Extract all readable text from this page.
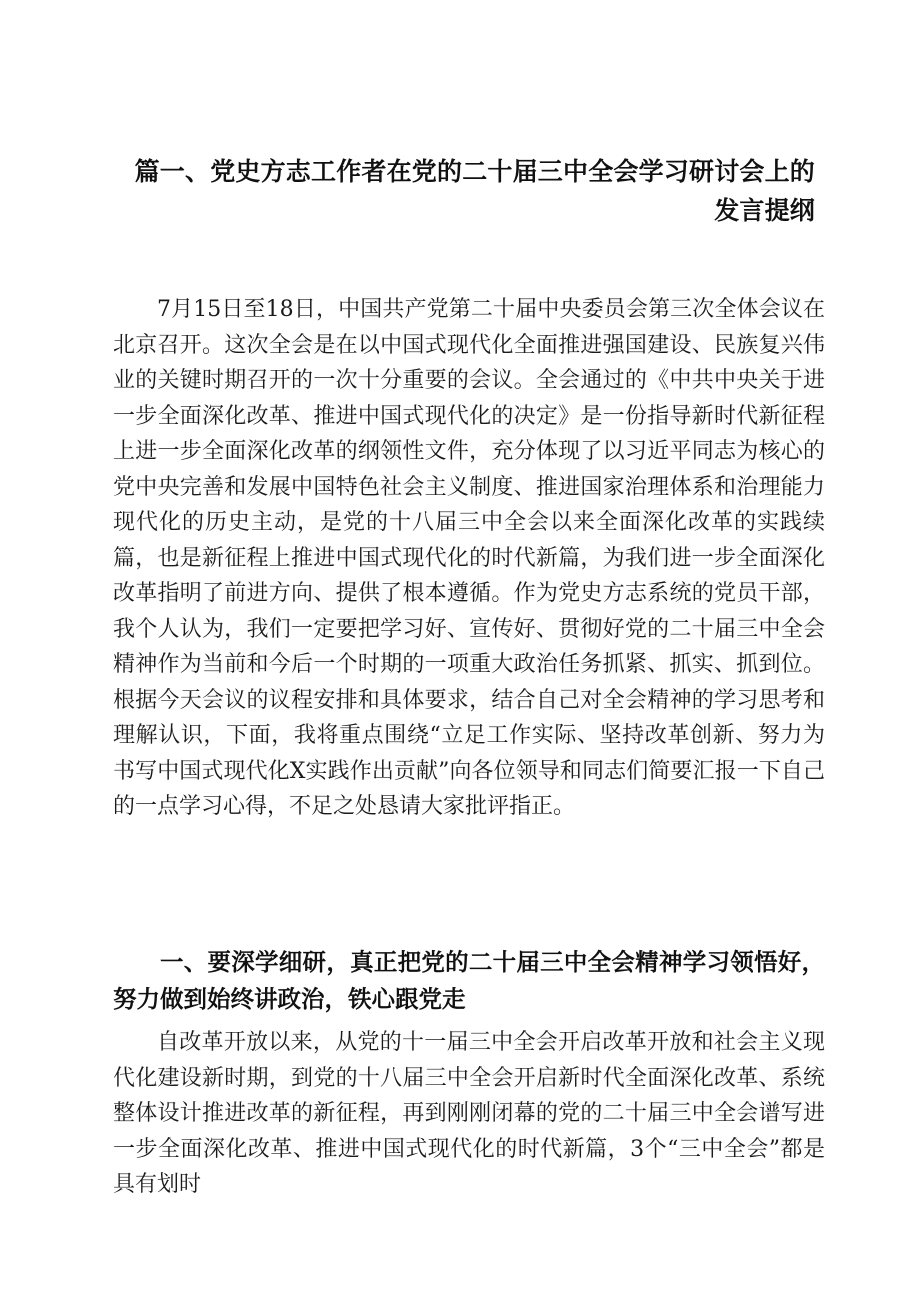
篇一、党史方志工作者在党的二十届三中全会学习研讨会上的
发言提纲

7月15日至18日，中国共产党第二十届中央委员会第三次全体会议在北京召开。这次全会是在以中国式现代化全面推进强国建设、民族复兴伟业的关键时期召开的一次十分重要的会议。全会通过的《中共中央关于进一步全面深化改革、推进中国式现代化的决定》是一份指导新时代新征程上进一步全面深化改革的纲领性文件，充分体现了以习近平同志为核心的党中央完善和发展中国特色社会主义制度、推进国家治理体系和治理能力现代化的历史主动，是党的十八届三中全会以来全面深化改革的实践续篇，也是新征程上推进中国式现代化的时代新篇，为我们进一步全面深化改革指明了前进方向、提供了根本遵循。作为党史方志系统的党员干部，我个人认为，我们一定要把学习好、宣传好、贯彻好党的二十届三中全会精神作为当前和今后一个时期的一项重大政治任务抓紧、抓实、抓到位。根据今天会议的议程安排和具体要求，结合自己对全会精神的学习思考和理解认识，下面，我将重点围绕“立足工作实际、坚持改革创新、努力为书写中国式现代化X实践作出贡献”向各位领导和同志们简要汇报一下自己的一点学习心得，不足之处恳请大家批评指正。

一、要深学细研，真正把党的二十届三中全会精神学习领悟好，努力做到始终讲政治，铁心跟党走

自改革开放以来，从党的十一届三中全会开启改革开放和社会主义现代化建设新时期，到党的十八届三中全会开启新时代全面深化改革、系统整体设计推进改革的新征程，再到刚刚闭幕的党的二十届三中全会谱写进一步全面深化改革、推进中国式现代化的时代新篇，3个“三中全会”都是具有划时
